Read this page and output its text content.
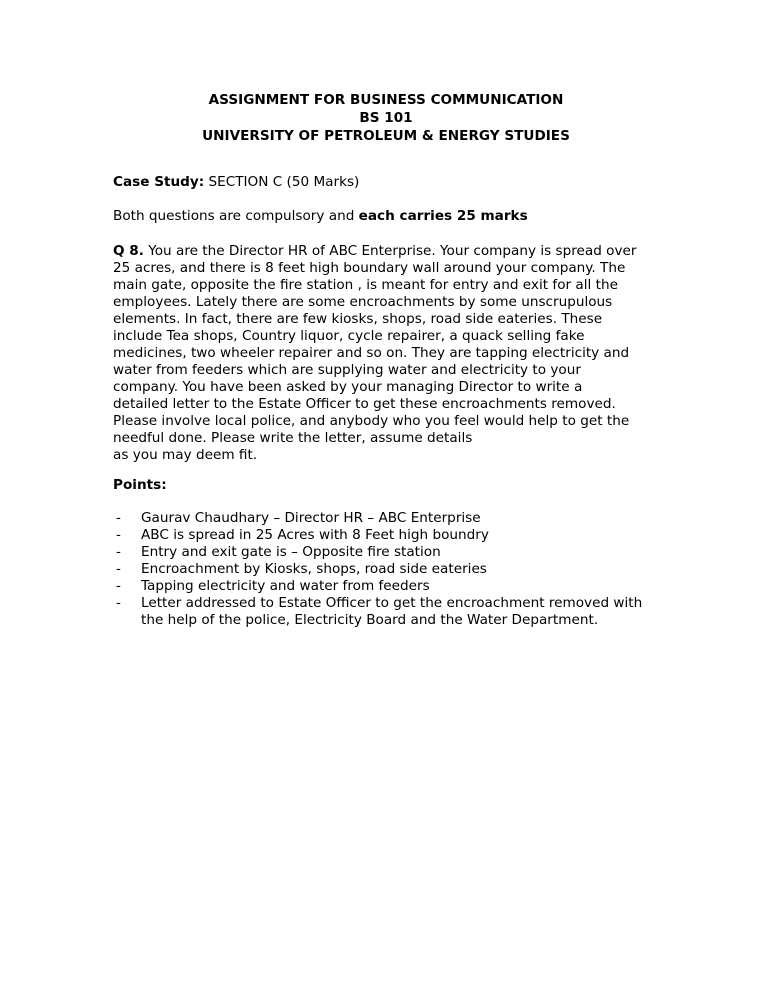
ASSIGNMENT FOR BUSINESS COMMUNICATION
BS 101
UNIVERSITY OF PETROLEUM & ENERGY STUDIES
Case Study: SECTION C (50 Marks)
Both questions are compulsory and each carries 25 marks
Q 8. You are the Director HR of ABC Enterprise. Your company is spread over
25 acres, and there is 8 feet high boundary wall around your company. The
main gate, opposite the fire station , is meant for entry and exit for all the
employees. Lately there are some encroachments by some unscrupulous
elements. In fact, there are few kiosks, shops, road side eateries. These
include Tea shops, Country liquor, cycle repairer, a quack selling fake
medicines, two wheeler repairer and so on. They are tapping electricity and
water from feeders which are supplying water and electricity to your
company. You have been asked by your managing Director to write a
detailed letter to the Estate Officer to get these encroachments removed.
Please involve local police, and anybody who you feel would help to get the
needful done. Please write the letter, assume details
as you may deem fit.
Points:
- Gaurav Chaudhary – Director HR – ABC Enterprise
- ABC is spread in 25 Acres with 8 Feet high boundry
- Entry and exit gate is – Opposite fire station
- Encroachment by Kiosks, shops, road side eateries
- Tapping electricity and water from feeders
- Letter addressed to Estate Officer to get the encroachment removed with
the help of the police, Electricity Board and the Water Department.
